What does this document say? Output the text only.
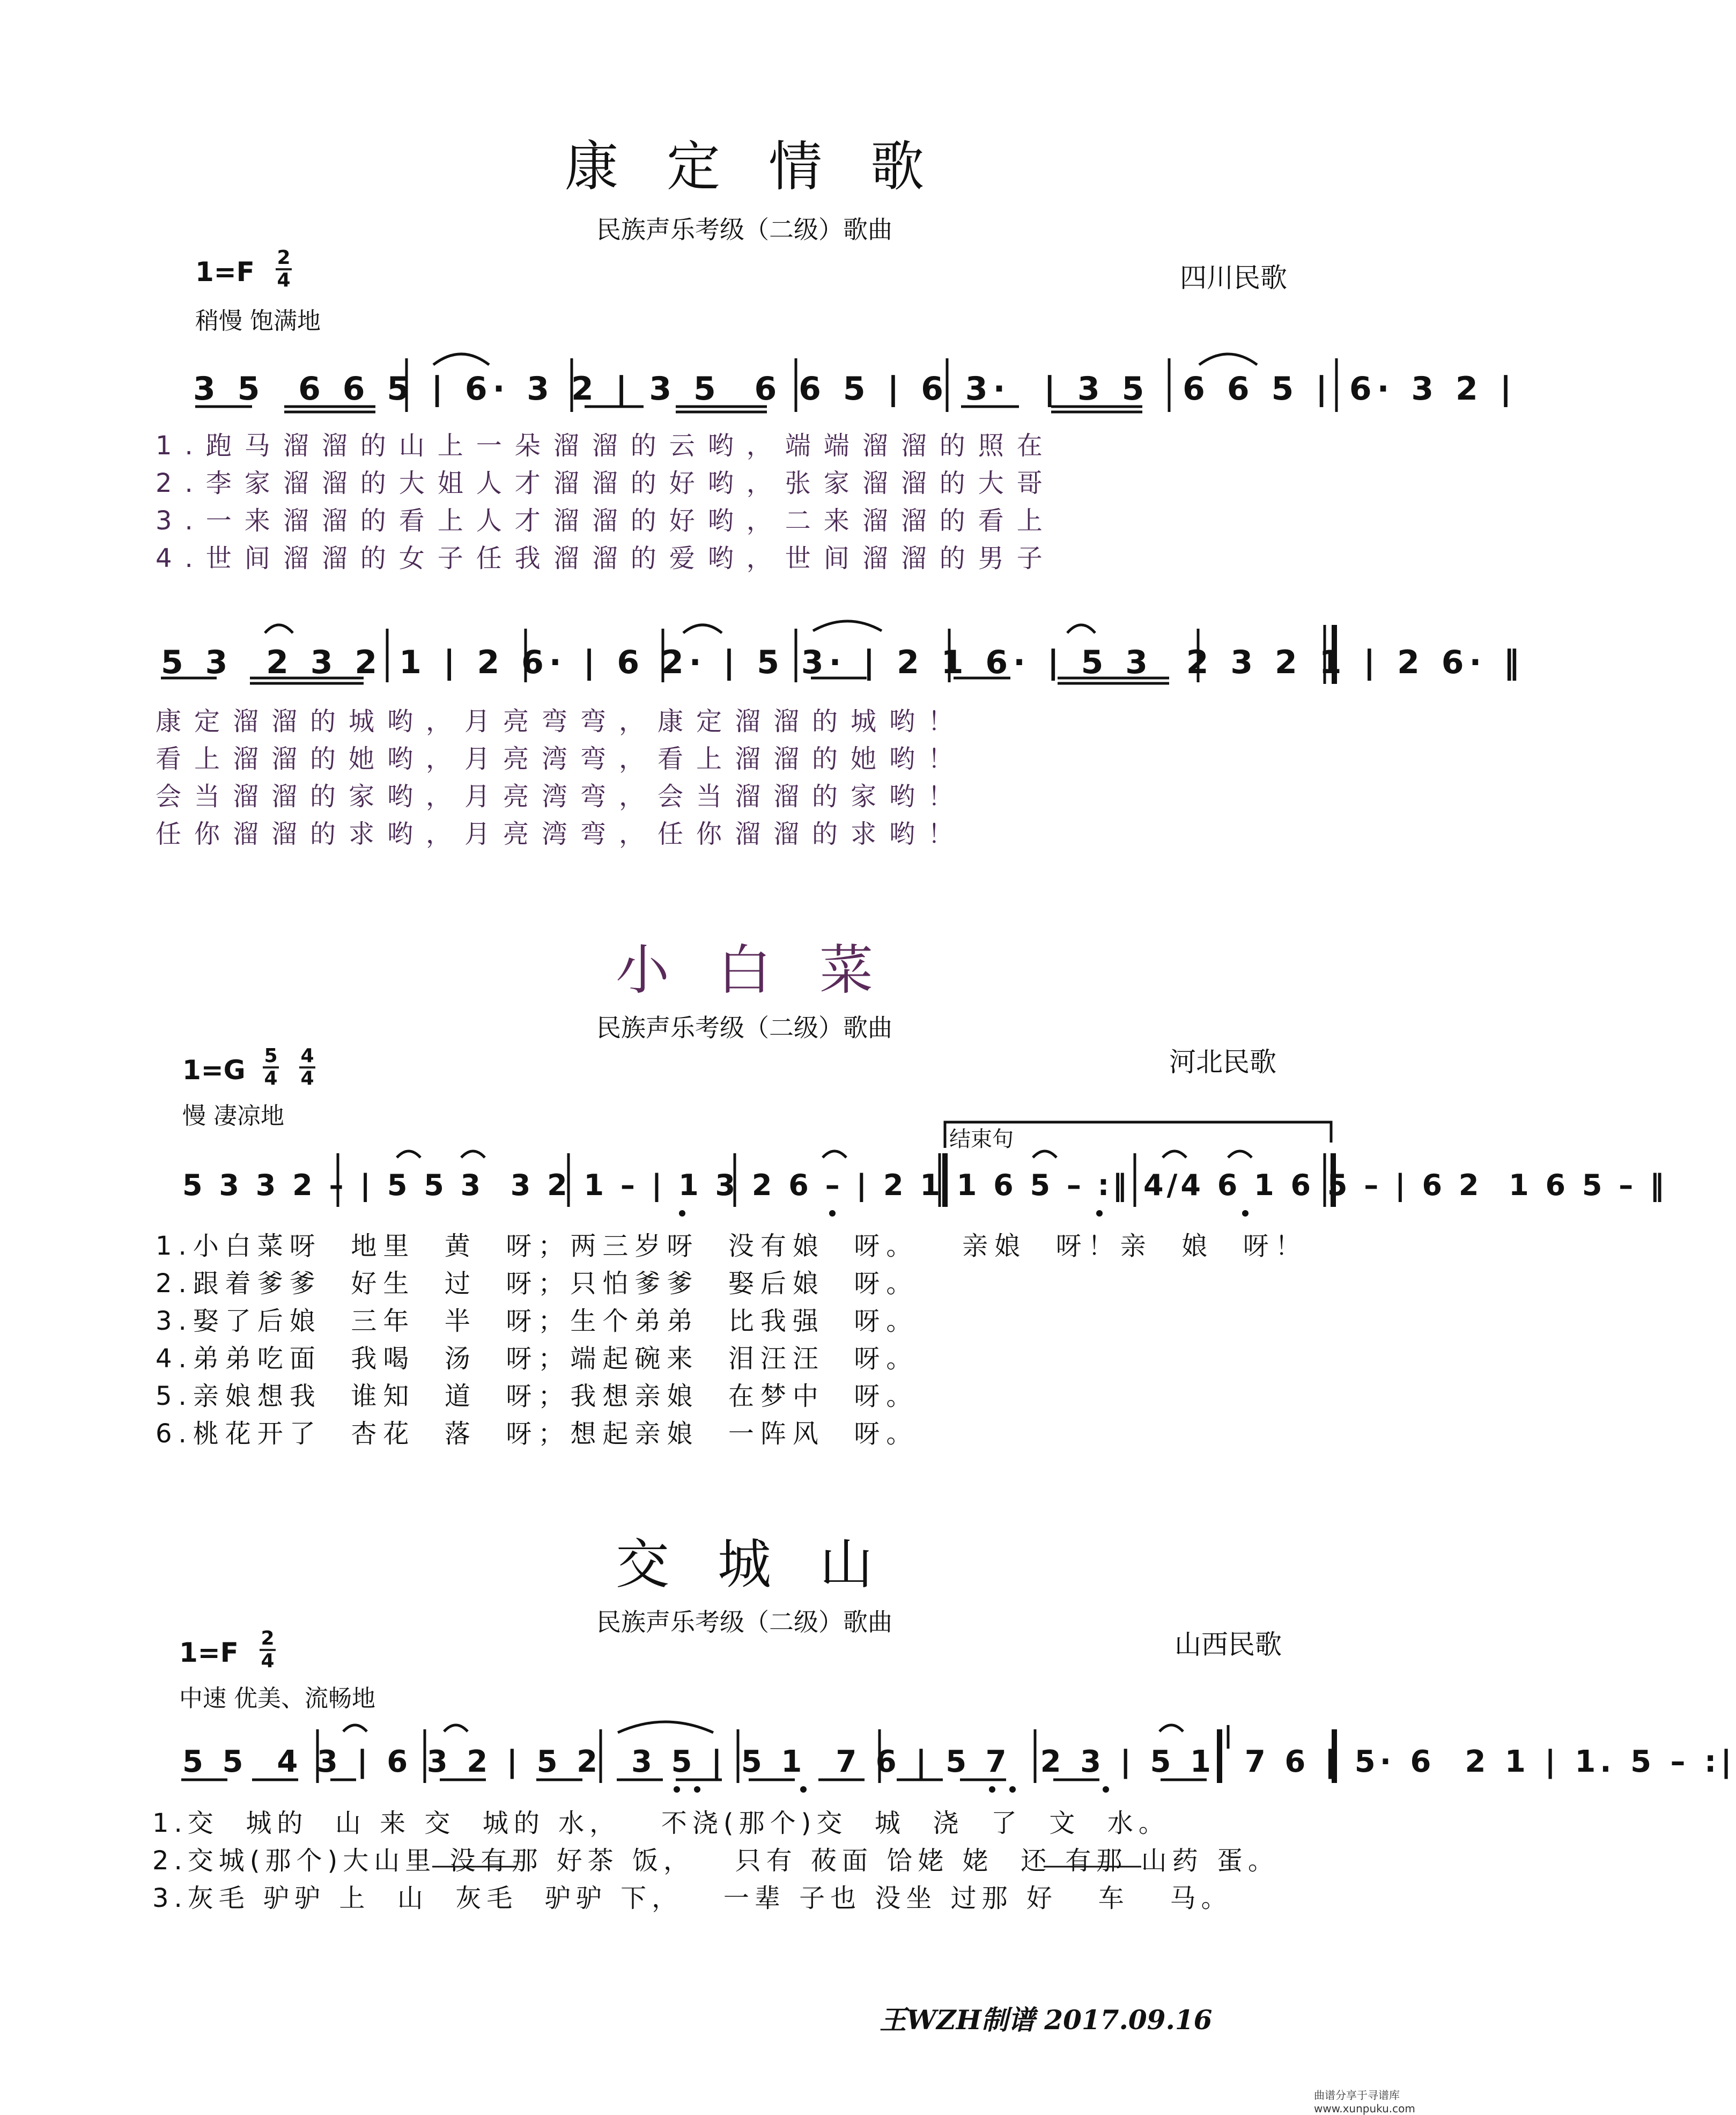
康定情歌
民族声乐考级（二级）歌曲
1=F 2
4	四川民歌
稍慢 饱满地
3 5  6 6 5 | 6· 3 2 | 3 5  6 6 5 | 6 3·  | 3 5  6 6 5 | 6· 3 2 |
1.跑马溜溜的山上一朵溜溜的云哟，端端溜溜的照在
2.李家溜溜的大姐人才溜溜的好哟，张家溜溜的大哥
3.一来溜溜的看上人才溜溜的好哟，二来溜溜的看上
4.世间溜溜的女子任我溜溜的爱哟，世间溜溜的男子
5 3  2 3 2 1 | 2 6· | 6 2· | 5 3· | 2 1 6· | 5 3  2 3 2 1 | 2 6· ‖
康定溜溜的城哟，月亮弯弯，康定溜溜的城哟！
看上溜溜的她哟，月亮湾弯，看上溜溜的她哟！
会当溜溜的家哟，月亮湾弯，会当溜溜的家哟！
任你溜溜的求哟，月亮湾弯，任你溜溜的求哟！
小白菜
民族声乐考级（二级）歌曲
河北民歌
1=G 5
4
4
4
慢 凄凉地
结束句
5 3 3 2 – | 5 5 3  3 2 1 – | 1 3 2 6 – | 2 1 1 6 5 – :‖ 4/4 6 1 6 5 – | 6 2  1 6 5 – ‖
1.小白菜呀  地里  黄  呀；两三岁呀  没有娘  呀。   亲娘  呀！亲  娘  呀！
2.跟着爹爹  好生  过  呀；只怕爹爹  娶后娘  呀。
3.娶了后娘  三年  半  呀；生个弟弟  比我强  呀。
4.弟弟吃面  我喝  汤  呀；端起碗来  泪汪汪  呀。
5.亲娘想我  谁知  道  呀；我想亲娘  在梦中  呀。
6.桃花开了  杏花  落  呀；想起亲娘  一阵风  呀。
交城山
民族声乐考级（二级）歌曲
山西民歌
1=F 2
4
中速 优美、流畅地
5 5  4 3 | 6 3 2 | 5 2  3 5 | 5 1  7 6 | 5 7  2 3 | 5 1  7 6 | 5· 6  2 1 | 1. 5 – :|
1.交  城的  山 来 交  城的 水，   不浇(那个)交  城  浇  了  文  水。
2.交城(那个)大山里 没有那 好茶 饭，   只有 莜面 饸姥 姥  还 有那 山药 蛋。
3.灰毛 驴驴 上  山  灰毛  驴驴 下，   一辈 子也 没坐 过那 好   车   马。
王WZH制谱 2017.09.16
曲谱分享于寻谱库 www.xunpuku.com
